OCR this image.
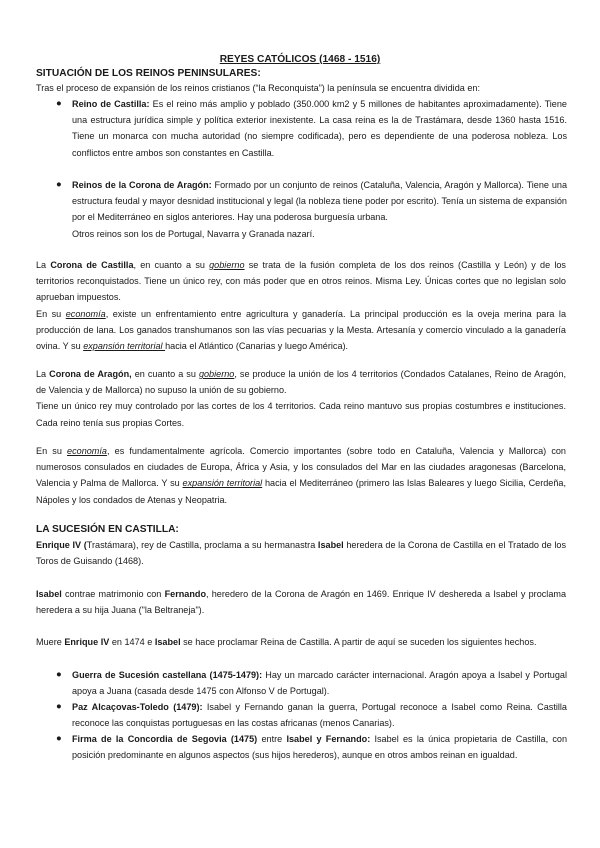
REYES CATÓLICOS (1468 - 1516)
SITUACIÓN DE LOS REINOS PENINSULARES:
Tras el proceso de expansión de los reinos cristianos (“la Reconquista”) la península se encuentra dividida en:
● Reino de Castilla: Es el reino más amplio y poblado (350.000 km2 y 5 millones de habitantes aproximadamente). Tiene una estructura jurídica simple y política exterior inexistente. La casa reina es la de Trastámara, desde 1360 hasta 1516. Tiene un monarca con mucha autoridad (no siempre codificada), pero es dependiente de una poderosa nobleza. Los conflictos entre ambos son constantes en Castilla.
● Reinos de la Corona de Aragón: Formado por un conjunto de reinos (Cataluña, Valencia, Aragón y Mallorca). Tiene una estructura feudal y mayor desnidad institucional y legal (la nobleza tiene poder por escrito). Tenía un sistema de expansión por el Mediterráneo en siglos anteriores. Hay una poderosa burguesía urbana.
Otros reinos son los de Portugal, Navarra y Granada nazarí.
La Corona de Castilla, en cuanto a su gobierno se trata de la fusión completa de los dos reinos (Castilla y León) y de los territorios reconquistados. Tiene un único rey, con más poder que en otros reinos. Misma Ley. Únicas cortes que no legislan solo aprueban impuestos.
En su economía, existe un enfrentamiento entre agricultura y ganadería. La principal producción es la oveja merina para la producción de lana. Los ganados transhumanos son las vías pecuarias y la Mesta. Artesanía y comercio vinculado a la ganadería ovina. Y su expansión territorial hacia el Atlántico (Canarias y luego América).
La Corona de Aragón, en cuanto a su gobierno, se produce la unión de los 4 territorios (Condados Catalanes, Reino de Aragón, de Valencia y de Mallorca) no supuso la unión de su gobierno.
Tiene un único rey muy controlado por las cortes de los 4 territorios. Cada reino mantuvo sus propias costumbres e instituciones. Cada reino tenía sus propias Cortes.
En su economía, es fundamentalmente agrícola. Comercio importantes (sobre todo en Cataluña, Valencia y Mallorca) con numerosos consulados en ciudades de Europa, África y Asia, y los consulados del Mar en las ciudades aragonesas (Barcelona, Valencia y Palma de Mallorca. Y su expansión territorial hacia el Mediterráneo (primero las Islas Baleares y luego Sicilia, Cerdeña, Nápoles y los condados de Atenas y Neopatria.
LA SUCESIÓN EN CASTILLA:
Enrique IV (Trastámara), rey de Castilla, proclama a su hermanastra Isabel heredera de la Corona de Castilla en el Tratado de los Toros de Guisando (1468).
Isabel contrae matrimonio con Fernando, heredero de la Corona de Aragón en 1469. Enrique IV deshereda a Isabel y proclama heredera a su hija Juana ("la Beltraneja").
Muere Enrique IV en 1474 e Isabel se hace proclamar Reina de Castilla. A partir de aquí se suceden los siguientes hechos.
● Guerra de Sucesión castellana (1475-1479): Hay un marcado carácter internacional. Aragón apoya a Isabel y Portugal apoya a Juana (casada desde 1475 con Alfonso V de Portugal).
● Paz Alcaçovas-Toledo (1479): Isabel y Fernando ganan la guerra, Portugal reconoce a Isabel como Reina. Castilla reconoce las conquistas portuguesas en las costas africanas (menos Canarias).
● Firma de la Concordia de Segovia (1475) entre Isabel y Fernando: Isabel es la única propietaria de Castilla, con posición predominante en algunos aspectos (sus hijos herederos), aunque en otros ambos reinan en igualdad.
